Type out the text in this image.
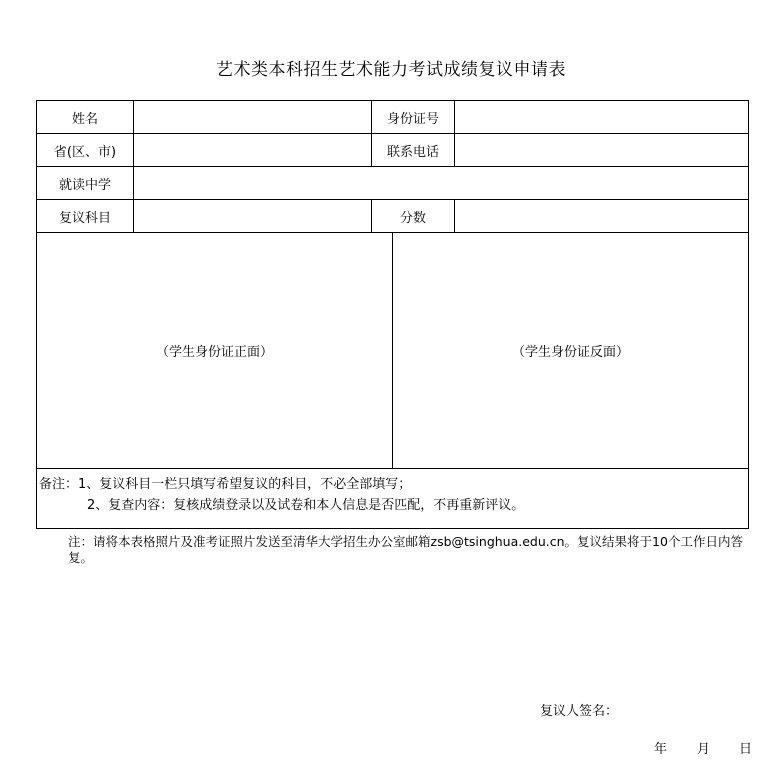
艺术类本科招生艺术能力考试成绩复议申请表
姓名	身份证号
省(区、市)	联系电话
就读中学
复议科目	分数
（学生身份证正面）	（学生身份证反面）
备注：1、复议科目一栏只填写希望复议的科目，不必全部填写；
2、复查内容：复核成绩登录以及试卷和本人信息是否匹配，不再重新评议。
注：请将本表格照片及准考证照片发送至清华大学招生办公室邮箱zsb@tsinghua.edu.cn。复议结果将于10个工作日内答复。
复议人签名：
年 月 日
